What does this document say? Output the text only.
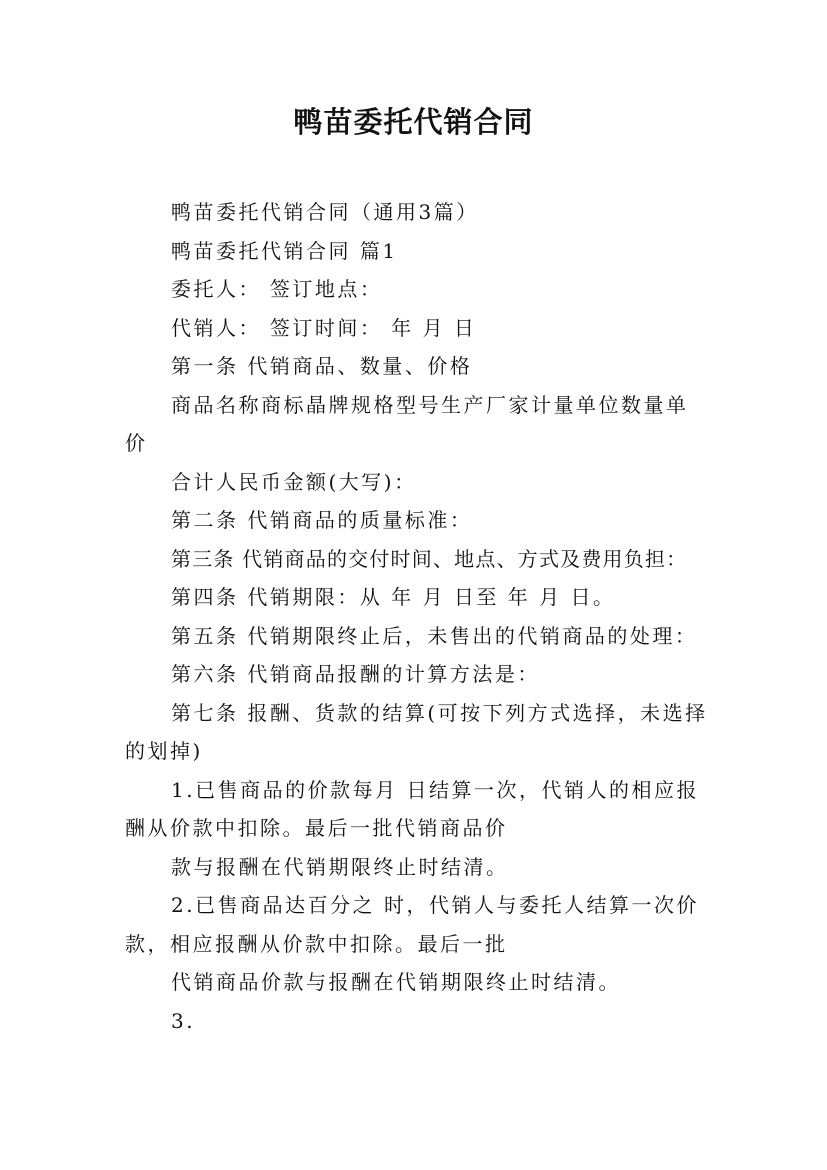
鸭苗委托代销合同

鸭苗委托代销合同（通用3篇）

鸭苗委托代销合同 篇1

委托人： 签订地点：

代销人： 签订时间： 年 月 日

第一条 代销商品、数量、价格

商品名称商标晶牌规格型号生产厂家计量单位数量单
价

合计人民币金额(大写)：

第二条 代销商品的质量标准：

第三条 代销商品的交付时间、地点、方式及费用负担：

第四条 代销期限：从 年 月 日至 年 月 日。

第五条 代销期限终止后，未售出的代销商品的处理：

第六条 代销商品报酬的计算方法是：

第七条 报酬、货款的结算(可按下列方式选择，未选择
的划掉)

1.已售商品的价款每月 日结算一次，代销人的相应报
酬从价款中扣除。最后一批代销商品价

款与报酬在代销期限终止时结清。

2.已售商品达百分之 时，代销人与委托人结算一次价
款，相应报酬从价款中扣除。最后一批

代销商品价款与报酬在代销期限终止时结清。

3.
